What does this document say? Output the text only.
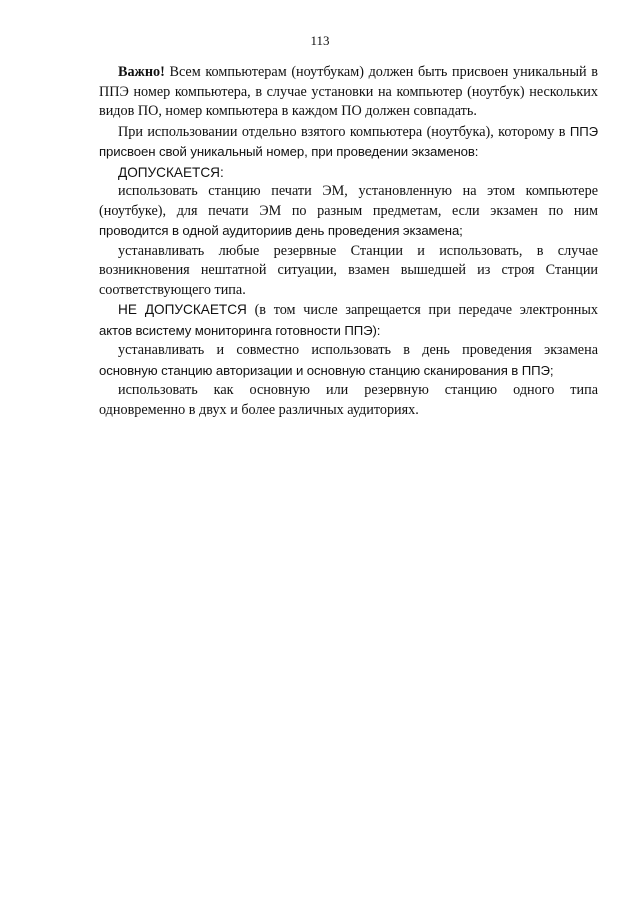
113

Важно! Всем компьютерам (ноутбукам) должен быть присвоен уникальный в ППЭ номер компьютера, в случае установки на компьютер (ноутбук) нескольких видов ПО, номер компьютера в каждом ПО должен совпадать.

При использовании отдельно взятого компьютера (ноутбука), которому в ППЭ присвоен свой уникальный номер, при проведении экзаменов:

ДОПУСКАЕТСЯ:

использовать станцию печати ЭМ, установленную на этом компьютере (ноутбуке), для печати ЭМ по разным предметам, если экзамен по ним проводится в одной аудиториив день проведения экзамена;

устанавливать любые резервные Станции и использовать, в случае возникновения нештатной ситуации, взамен вышедшей из строя Станции соответствующего типа.

НЕ ДОПУСКАЕТСЯ (в том числе запрещается при передаче электронных актов всистему мониторинга готовности ППЭ):

устанавливать и совместно использовать в день проведения экзамена основную станцию авторизации и основную станцию сканирования в ППЭ;

использовать как основную или резервную станцию одного типа одновременно в двух и более различных аудиториях.
